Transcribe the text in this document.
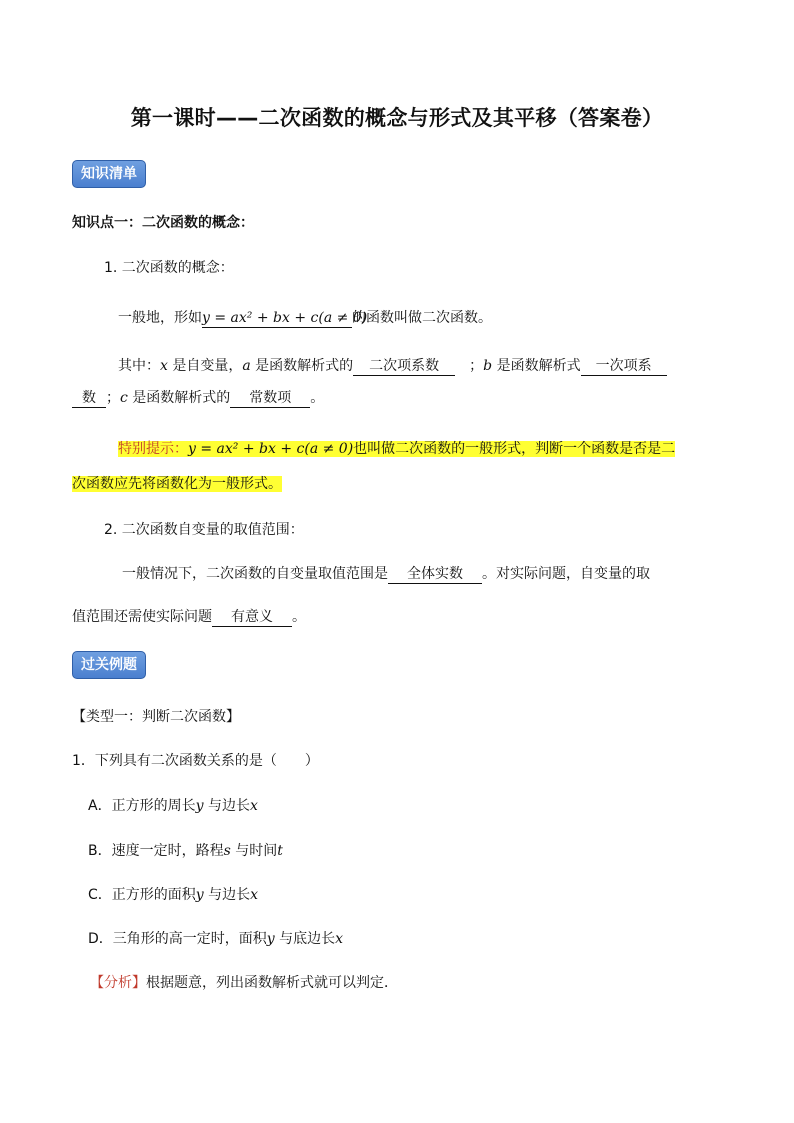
第一课时——二次函数的概念与形式及其平移（答案卷）
知识清单
知识点一：二次函数的概念：
1. 二次函数的概念：
一般地，形如y = ax² + bx + c(a ≠ 0)的函数叫做二次函数。
其中：x 是自变量，a 是函数解析式的 二次项系数 ；b 是函数解析式 一次项系
数 ；c 是函数解析式的 常数项 。
特别提示：y = ax² + bx + c(a ≠ 0)也叫做二次函数的一般形式，判断一个函数是否是二
次函数应先将函数化为一般形式。
2. 二次函数自变量的取值范围：
一般情况下，二次函数的自变量取值范围是 全体实数 。对实际问题，自变量的取
值范围还需使实际问题 有意义 。
过关例题
【类型一：判断二次函数】
1．下列具有二次函数关系的是（　　）
A．正方形的周长y 与边长x
B．速度一定时，路程s 与时间t
C．正方形的面积y 与边长x
D．三角形的高一定时，面积y 与底边长x
【分析】根据题意，列出函数解析式就可以判定．
